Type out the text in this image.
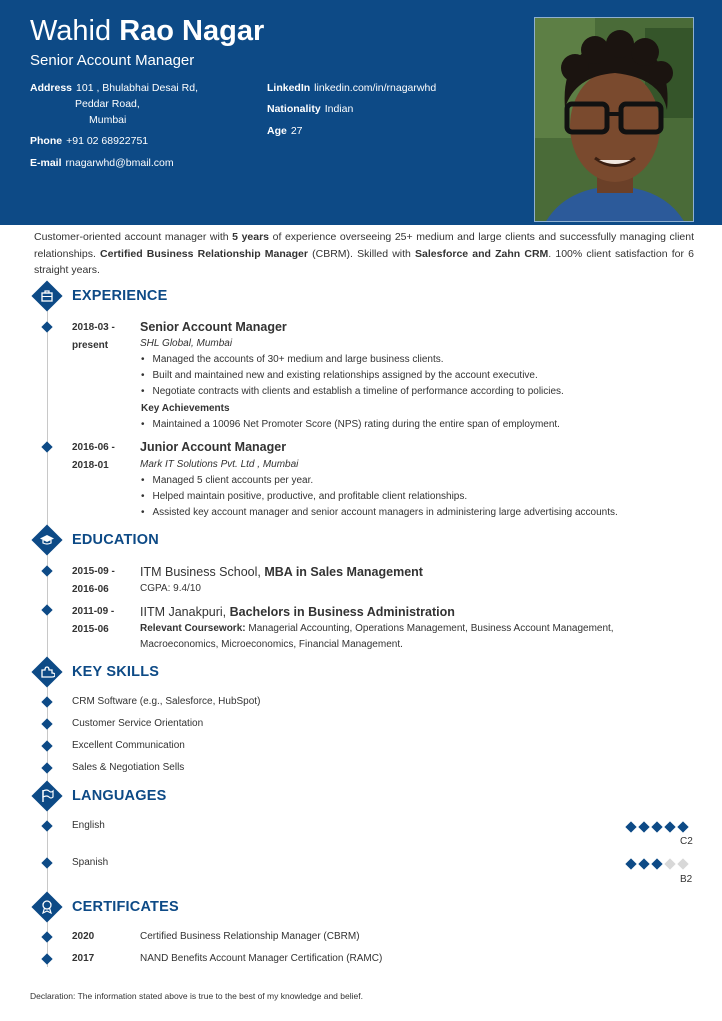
Wahid Rao Nagar
Senior Account Manager
Address 101 , Bhulabhai Desai Rd,
Peddar Road,
Mumbai
Phone +91 02 68922751
E-mail rnagarwhd@bmail.com
LinkedIn linkedin.com/in/rnagarwhd
Nationality Indian
Age 27
Customer-oriented account manager with 5 years of experience overseeing 25+ medium and large clients and successfully managing client relationships. Certified Business Relationship Manager (CBRM). Skilled with Salesforce and Zahn CRM. 100% client satisfaction for 6 straight years.
EXPERIENCE
2018-03 -
present
Senior Account Manager
SHL Global, Mumbai
• Managed the accounts of 30+ medium and large business clients.
• Built and maintained new and existing relationships assigned by the account executive.
• Negotiate contracts with clients and establish a timeline of performance according to policies.
Key Achievements
• Maintained a 10096 Net Promoter Score (NPS) rating during the entire span of employment.
2016-06 -
2018-01
Junior Account Manager
Mark IT Solutions Pvt. Ltd , Mumbai
• Managed 5 client accounts per year.
• Helped maintain positive, productive, and profitable client relationships.
• Assisted key account manager and senior account managers in administering large advertising accounts.
EDUCATION
2015-09 -
2016-06
ITM Business School, MBA in Sales Management
CGPA: 9.4/10
2011-09 -
2015-06
IITM Janakpuri, Bachelors in Business Administration
Relevant Coursework: Managerial Accounting, Operations Management, Business Account Management,
Macroeconomics, Microeconomics, Financial Management.
KEY SKILLS
CRM Software (e.g., Salesforce, HubSpot)
Customer Service Orientation
Excellent Communication
Sales & Negotiation Sells
LANGUAGES
English
C2
Spanish
B2
CERTIFICATES
2020	Certified Business Relationship Manager (CBRM)
2017	NAND Benefits Account Manager Certification (RAMC)
Declaration: The information stated above is true to the best of my knowledge and belief.
